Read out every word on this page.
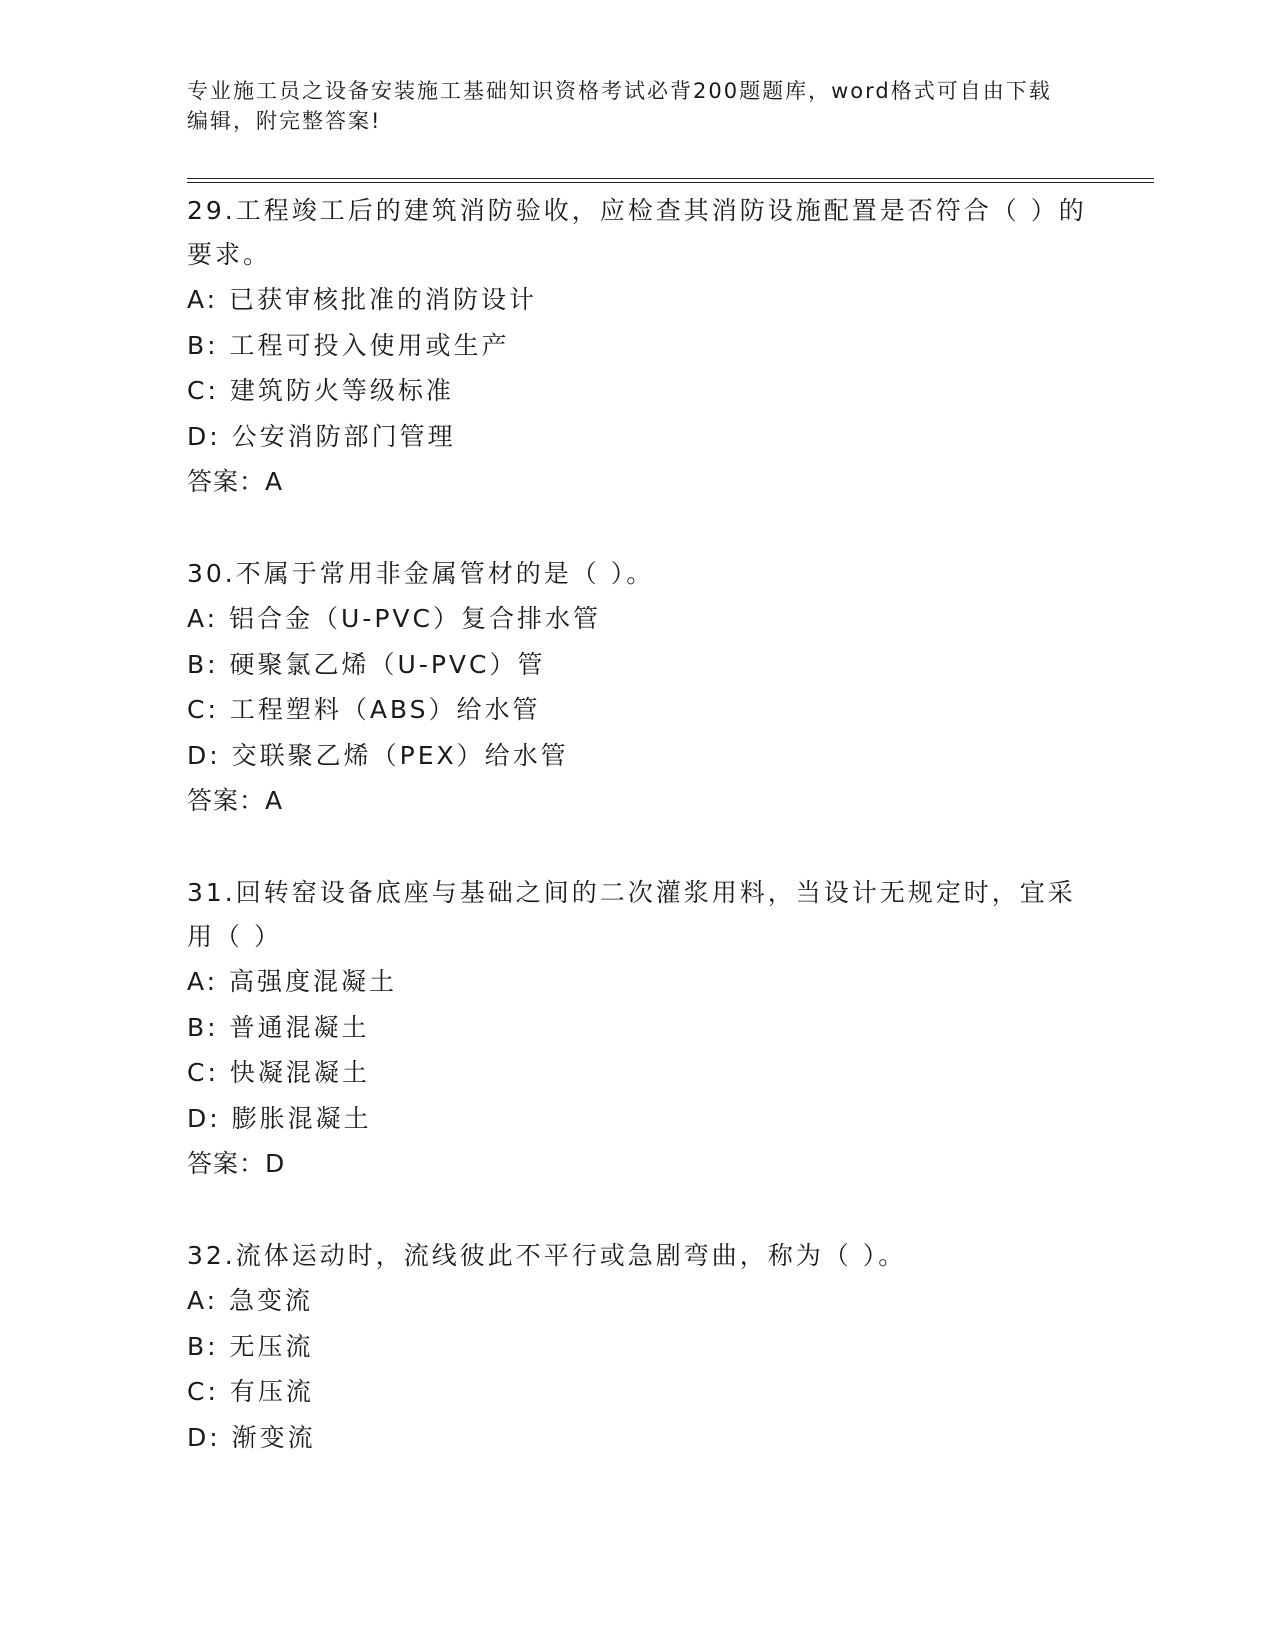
专业施工员之设备安装施工基础知识资格考试必背200题题库，word格式可自由下载编辑，附完整答案!

29.工程竣工后的建筑消防验收，应检查其消防设施配置是否符合（ ）的要求。

A: 已获审核批准的消防设计

B: 工程可投入使用或生产

C: 建筑防火等级标准

D: 公安消防部门管理

答案：A

30.不属于常用非金属管材的是（ ）。

A: 铝合金（U-PVC）复合排水管

B: 硬聚氯乙烯（U-PVC）管

C: 工程塑料（ABS）给水管

D: 交联聚乙烯（PEX）给水管

答案：A

31.回转窑设备底座与基础之间的二次灌浆用料，当设计无规定时，宜采用（ ）

A: 高强度混凝土

B: 普通混凝土

C: 快凝混凝土

D: 膨胀混凝土

答案：D

32.流体运动时，流线彼此不平行或急剧弯曲，称为（ ）。

A: 急变流

B: 无压流

C: 有压流

D: 渐变流
